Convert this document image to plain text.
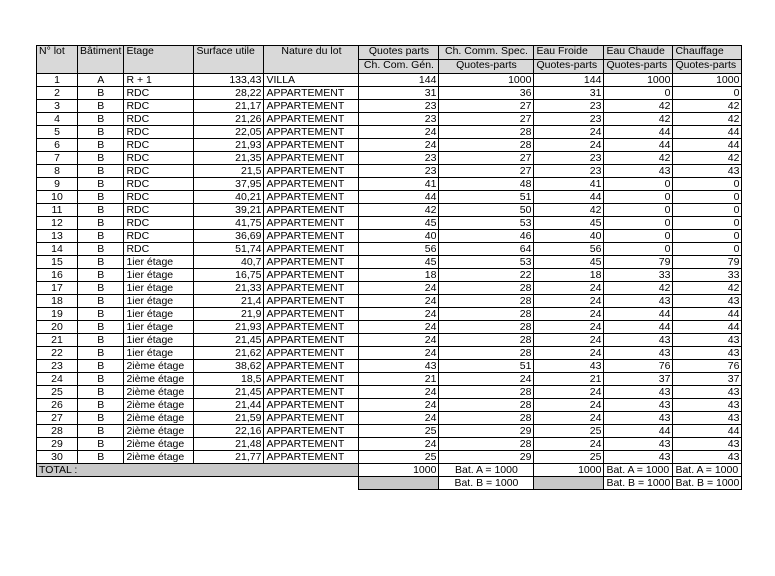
N° lot	Bâtiment	Etage	Surface utile	Nature du lot	Quotes parts	Ch. Comm. Spec.	Eau Froide	Eau Chaude	Chauffage
					Ch. Com. Gén.	Quotes-parts	Quotes-parts	Quotes-parts	Quotes-parts
1	A	R + 1	133,43	VILLA	144	1000	144	1000	1000
2	B	RDC	28,22	APPARTEMENT	31	36	31	0	0
3	B	RDC	21,17	APPARTEMENT	23	27	23	42	42
4	B	RDC	21,26	APPARTEMENT	23	27	23	42	42
5	B	RDC	22,05	APPARTEMENT	24	28	24	44	44
6	B	RDC	21,93	APPARTEMENT	24	28	24	44	44
7	B	RDC	21,35	APPARTEMENT	23	27	23	42	42
8	B	RDC	21,5	APPARTEMENT	23	27	23	43	43
9	B	RDC	37,95	APPARTEMENT	41	48	41	0	0
10	B	RDC	40,21	APPARTEMENT	44	51	44	0	0
11	B	RDC	39,21	APPARTEMENT	42	50	42	0	0
12	B	RDC	41,75	APPARTEMENT	45	53	45	0	0
13	B	RDC	36,69	APPARTEMENT	40	46	40	0	0
14	B	RDC	51,74	APPARTEMENT	56	64	56	0	0
15	B	1ier étage	40,7	APPARTEMENT	45	53	45	79	79
16	B	1ier étage	16,75	APPARTEMENT	18	22	18	33	33
17	B	1ier étage	21,33	APPARTEMENT	24	28	24	42	42
18	B	1ier étage	21,4	APPARTEMENT	24	28	24	43	43
19	B	1ier étage	21,9	APPARTEMENT	24	28	24	44	44
20	B	1ier étage	21,93	APPARTEMENT	24	28	24	44	44
21	B	1ier étage	21,45	APPARTEMENT	24	28	24	43	43
22	B	1ier étage	21,62	APPARTEMENT	24	28	24	43	43
23	B	2ième étage	38,62	APPARTEMENT	43	51	43	76	76
24	B	2ième étage	18,5	APPARTEMENT	21	24	21	37	37
25	B	2ième étage	21,45	APPARTEMENT	24	28	24	43	43
26	B	2ième étage	21,44	APPARTEMENT	24	28	24	43	43
27	B	2ième étage	21,59	APPARTEMENT	24	28	24	43	43
28	B	2ième étage	22,16	APPARTEMENT	25	29	25	44	44
29	B	2ième étage	21,48	APPARTEMENT	24	28	24	43	43
30	B	2ième étage	21,77	APPARTEMENT	25	29	25	43	43
TOTAL :					1000	Bat. A = 1000	1000	Bat. A = 1000	Bat. A = 1000
						Bat. B = 1000		Bat. B = 1000	Bat. B = 1000
